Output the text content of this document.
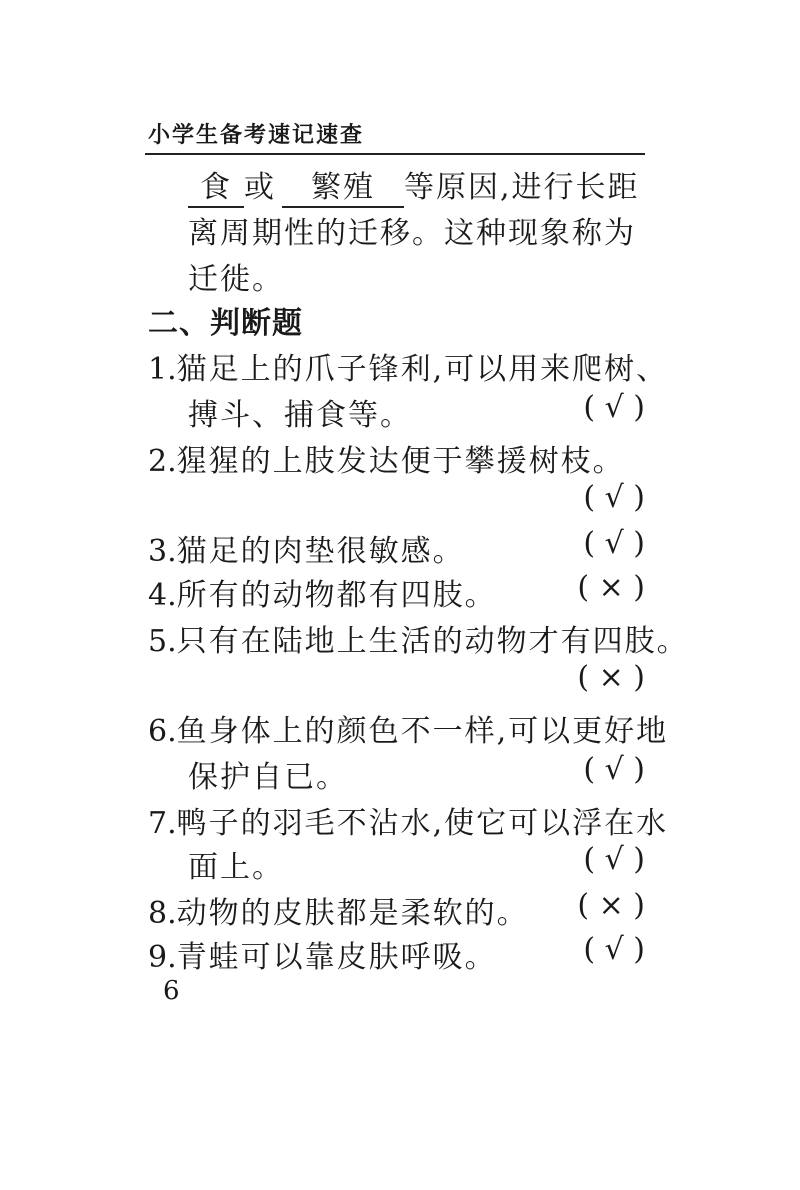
小学生备考速记速查
食 或 繁殖 等原因,进行长距
离周期性的迁移。这种现象称为
迁徙。
二、判断题
1.猫足上的爪子锋利,可以用来爬树、
搏斗、捕食等。	( √ )
2.猩猩的上肢发达便于攀援树枝。
( √ )
3.猫足的肉垫很敏感。	( √ )
4.所有的动物都有四肢。	( × )
5.只有在陆地上生活的动物才有四肢。
( × )
6.鱼身体上的颜色不一样,可以更好地
保护自已。	( √ )
7.鸭子的羽毛不沾水,使它可以浮在水
面上。	( √ )
8.动物的皮肤都是柔软的。	( × )
9.青蛙可以靠皮肤呼吸。	( √ )
6
